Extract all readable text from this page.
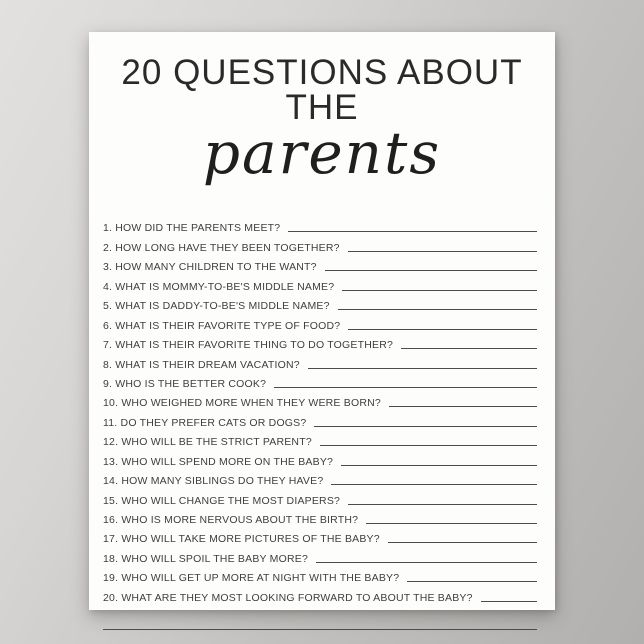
20 QUESTIONS ABOUT THE
parents
1. HOW DID THE PARENTS MEET?
2. HOW LONG HAVE THEY BEEN TOGETHER?
3. HOW MANY CHILDREN TO THE WANT?
4. WHAT IS MOMMY-TO-BE'S MIDDLE NAME?
5. WHAT IS DADDY-TO-BE'S MIDDLE NAME?
6. WHAT IS THEIR FAVORITE TYPE OF FOOD?
7. WHAT IS THEIR FAVORITE THING TO DO TOGETHER?
8. WHAT IS THEIR DREAM VACATION?
9. WHO IS THE BETTER COOK?
10. WHO WEIGHED MORE WHEN THEY WERE BORN?
11. DO THEY PREFER CATS OR DOGS?
12. WHO WILL BE THE STRICT PARENT?
13. WHO WILL SPEND MORE ON THE BABY?
14. HOW MANY SIBLINGS DO THEY HAVE?
15. WHO WILL CHANGE THE MOST DIAPERS?
16. WHO IS MORE NERVOUS ABOUT THE BIRTH?
17. WHO WILL TAKE MORE PICTURES OF THE BABY?
18. WHO WILL SPOIL THE BABY MORE?
19. WHO WILL GET UP MORE AT NIGHT WITH THE BABY?
20. WHAT ARE THEY MOST LOOKING FORWARD TO ABOUT THE BABY?
